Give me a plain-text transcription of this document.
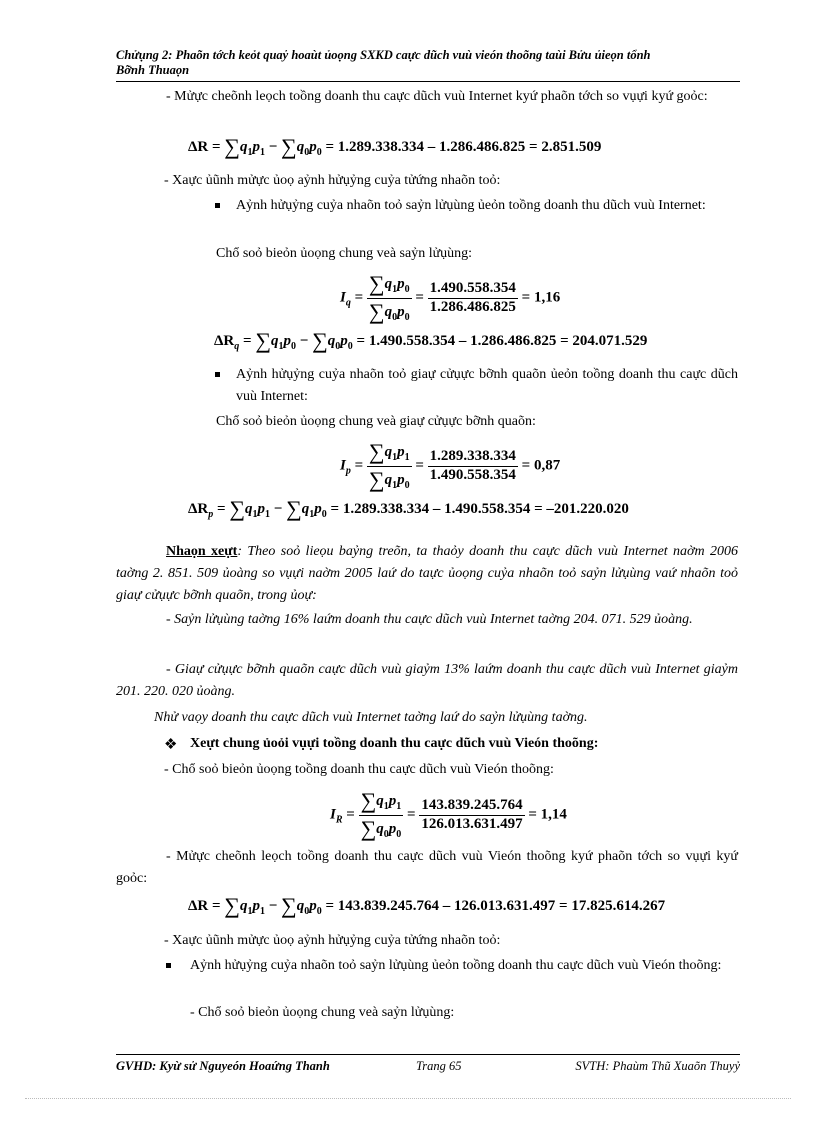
Chửụng 2: Phaõn tớch keỏt quaỷ hoaùt ủoọng SXKD caực dũch vuù vieón thoõng taùi Bửu ủieọn tổnh
Bỡnh Thuaọn
- Mửực cheõnh leọch toồng doanh thu caực dũch vuù Internet kyứ phaõn tớch so vụựi kyứ goỏc:
$\Delta R = \sum q_1p_1 - \sum q_0p_0 = 1.289.338.334 - 1.286.486.825 = 2.851.509$
- Xaực ủũnh mửực ủoọ aỷnh hửụỷng cuỷa tửứng nhaõn toỏ:
Aỷnh hửụỷng cuỷa nhaõn toỏ saỷn lửụùng ủeỏn toồng doanh thu dũch vuù Internet:
Chổ soỏ bieỏn ủoọng chung veà saỷn lửụùng:
$I_q = \frac{\sum q_1p_0}{\sum q_0p_0} = \frac{1.490.558.354}{1.286.486.825} = 1,16$
$\Delta R_q = \sum q_1p_0 - \sum q_0p_0 = 1.490.558.354 - 1.286.486.825 = 204.071.529$
Aỷnh hửụỷng cuỷa nhaõn toỏ giaự cửụực bỡnh quaõn ủeỏn toồng doanh thu caực dũch vuù Internet:
Chổ soỏ bieỏn ủoọng chung veà giaự cửụực bỡnh quaõn:
$I_p = \frac{\sum q_1p_1}{\sum q_1p_0} = \frac{1.289.338.334}{1.490.558.354} = 0,87$
$\Delta R_p = \sum q_1p_1 - \sum q_1p_0 = 1.289.338.334 - 1.490.558.354 = -201.220.020$
Nhaọn xeựt: Theo soỏ lieọu baỷng treõn, ta thaỏy doanh thu caực dũch vuù Internet naờm 2006 taờng 2. 851. 509 ủoàng so vụựi naờm 2005 laứ do taực ủoọng cuỷa nhaõn toỏ saỷn lửụùng vaứ nhaõn toỏ giaự cửụực bỡnh quaõn, trong ủoự:
- Saỷn lửụùng taờng 16% laứm doanh thu caực dũch vuù Internet taờng 204. 071. 529 ủoàng.
- Giaự cửụực bỡnh quaõn caực dũch vuù giaỷm 13% laứm doanh thu caực dũch vuù Internet giaỷm 201. 220. 020 ủoàng.
Nhử vaọy doanh thu caực dũch vuù Internet taờng laứ do saỷn lửụùng taờng.
❖ Xeựt chung ủoỏi vụựi toồng doanh thu caực dũch vuù Vieón thoõng:
- Chổ soỏ bieỏn ủoọng toồng doanh thu caực dũch vuù Vieón thoõng:
$I_R = \frac{\sum q_1p_1}{\sum q_0p_0} = \frac{143.839.245.764}{126.013.631.497} = 1,14$
- Mửực cheõnh leọch toồng doanh thu caực dũch vuù Vieón thoõng kyứ phaõn tớch so vụựi kyứ goỏc:
$\Delta R = \sum q_1p_1 - \sum q_0p_0 = 143.839.245.764 - 126.013.631.497 = 17.825.614.267$
- Xaực ủũnh mửực ủoọ aỷnh hửụỷng cuỷa tửứng nhaõn toỏ:
Aỷnh hửụỷng cuỷa nhaõn toỏ saỷn lửụùng ủeỏn toồng doanh thu caực dũch vuù Vieón thoõng:
- Chổ soỏ bieỏn ủoọng chung veà saỷn lửụùng:
GVHD: Kyừ sử Nguyeón Hoaứng Thanh	Trang 65	SVTH: Phaùm Thũ Xuaõn Thuyỷ
